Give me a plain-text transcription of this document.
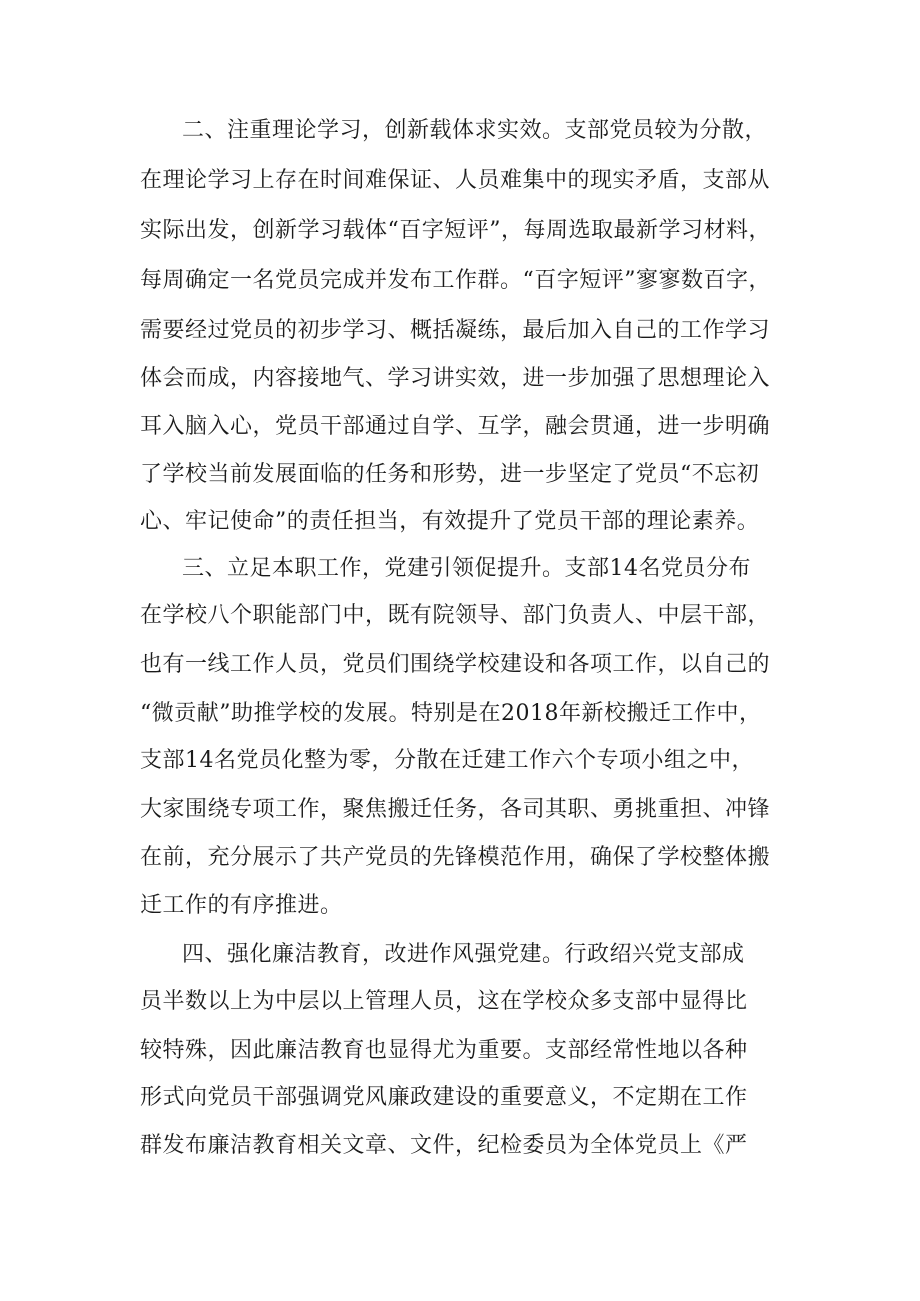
二、注重理论学习，创新载体求实效。支部党员较为分散，
在理论学习上存在时间难保证、人员难集中的现实矛盾，支部从
实际出发，创新学习载体“百字短评”，每周选取最新学习材料，
每周确定一名党员完成并发布工作群。“百字短评”寥寥数百字，
需要经过党员的初步学习、概括凝练，最后加入自己的工作学习
体会而成，内容接地气、学习讲实效，进一步加强了思想理论入
耳入脑入心，党员干部通过自学、互学，融会贯通，进一步明确
了学校当前发展面临的任务和形势，进一步坚定了党员“不忘初
心、牢记使命”的责任担当，有效提升了党员干部的理论素养。
三、立足本职工作，党建引领促提升。支部14名党员分布
在学校八个职能部门中，既有院领导、部门负责人、中层干部，
也有一线工作人员，党员们围绕学校建设和各项工作，以自己的
“微贡献”助推学校的发展。特别是在2018年新校搬迁工作中，
支部14名党员化整为零，分散在迁建工作六个专项小组之中，
大家围绕专项工作，聚焦搬迁任务，各司其职、勇挑重担、冲锋
在前，充分展示了共产党员的先锋模范作用，确保了学校整体搬
迁工作的有序推进。
四、强化廉洁教育，改进作风强党建。行政绍兴党支部成
员半数以上为中层以上管理人员，这在学校众多支部中显得比
较特殊，因此廉洁教育也显得尤为重要。支部经常性地以各种
形式向党员干部强调党风廉政建设的重要意义，不定期在工作
群发布廉洁教育相关文章、文件，纪检委员为全体党员上《严
